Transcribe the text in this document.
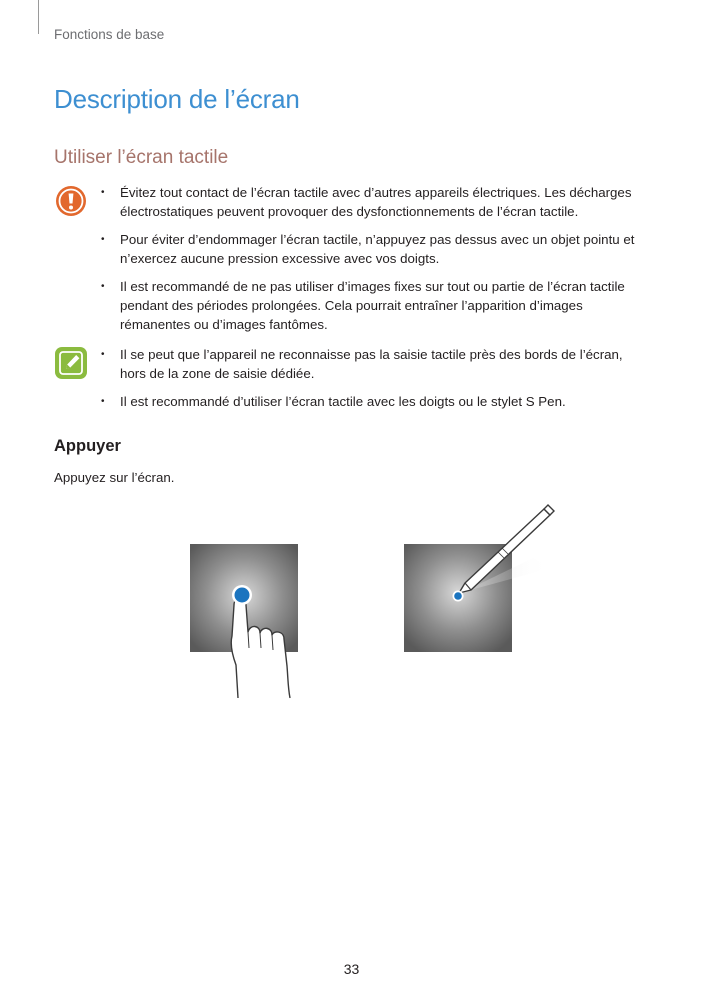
Fonctions de base
Description de l’écran
Utiliser l’écran tactile
• Évitez tout contact de l’écran tactile avec d’autres appareils électriques. Les décharges électrostatiques peuvent provoquer des dysfonctionnements de l’écran tactile.
• Pour éviter d’endommager l’écran tactile, n’appuyez pas dessus avec un objet pointu et n’exercez aucune pression excessive avec vos doigts.
• Il est recommandé de ne pas utiliser d’images fixes sur tout ou partie de l’écran tactile pendant des périodes prolongées. Cela pourrait entraîner l’apparition d’images rémanentes ou d’images fantômes.
• Il se peut que l’appareil ne reconnaisse pas la saisie tactile près des bords de l’écran, hors de la zone de saisie dédiée.
• Il est recommandé d’utiliser l’écran tactile avec les doigts ou le stylet S Pen.
Appuyer

Appuyez sur l’écran.

33
